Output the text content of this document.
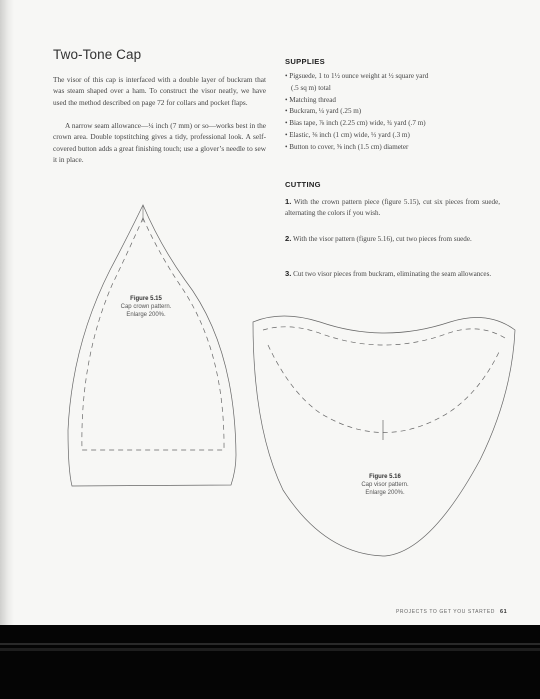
Two-Tone Cap

The visor of this cap is interfaced with a double layer of buckram that was steam shaped over a ham. To construct the visor neatly, we have used the method described on page 72 for collars and pocket flaps.

A narrow seam allowance—¼ inch (7 mm) or so—works best in the crown area. Double topstitching gives a tidy, professional look. A self-covered button adds a great finishing touch; use a glover’s needle to sew it in place.

SUPPLIES
• Pigsuede, 1 to 1½ ounce weight at ½ square yard
(.5 sq m) total
• Matching thread
• Buckram, ¼ yard (.25 m)
• Bias tape, ⅞ inch (2.25 cm) wide, ¾ yard (.7 m)
• Elastic, ⅜ inch (1 cm) wide, ⅓ yard (.3 m)
• Button to cover, ⅝ inch (1.5 cm) diameter
CUTTING

1. With the crown pattern piece (figure 5.15), cut six pieces from suede, alternating the colors if you wish.

2. With the visor pattern (figure 5.16), cut two pieces from suede.

3. Cut two visor pieces from buckram, eliminating the seam allowances.

Figure 5.15
Cap crown pattern.
Enlarge 200%.
Figure 5.16
Cap visor pattern.
Enlarge 200%.
PROJECTS TO GET YOU STARTED 61
